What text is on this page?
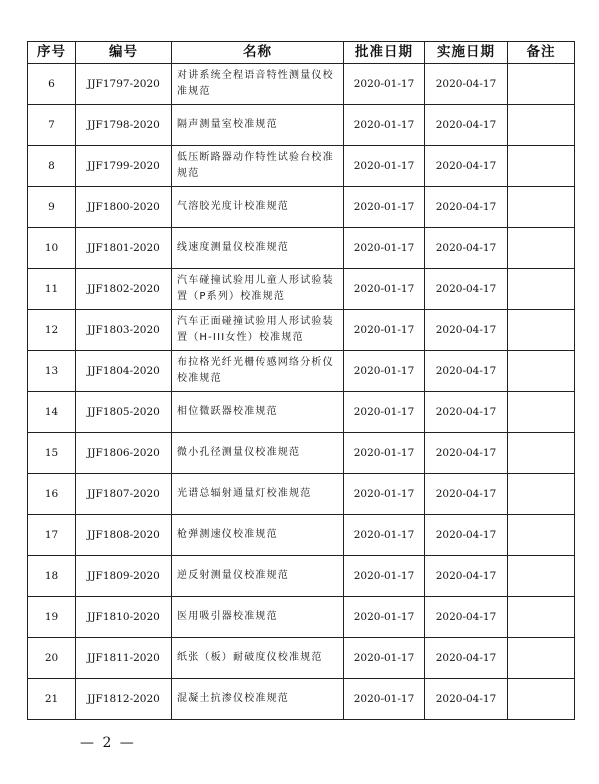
序号	编号	名称	批准日期	实施日期	备注
6	JJF1797-2020	对讲系统全程语音特性测量仪校准规范	2020-01-17	2020-04-17	
7	JJF1798-2020	隔声测量室校准规范	2020-01-17	2020-04-17	
8	JJF1799-2020	低压断路器动作特性试验台校准规范	2020-01-17	2020-04-17	
9	JJF1800-2020	气溶胶光度计校准规范	2020-01-17	2020-04-17	
10	JJF1801-2020	线速度测量仪校准规范	2020-01-17	2020-04-17	
11	JJF1802-2020	汽车碰撞试验用儿童人形试验装置（P系列）校准规范	2020-01-17	2020-04-17	
12	JJF1803-2020	汽车正面碰撞试验用人形试验装置（H-III女性）校准规范	2020-01-17	2020-04-17	
13	JJF1804-2020	布拉格光纤光栅传感网络分析仪校准规范	2020-01-17	2020-04-17	
14	JJF1805-2020	相位微跃器校准规范	2020-01-17	2020-04-17	
15	JJF1806-2020	微小孔径测量仪校准规范	2020-01-17	2020-04-17	
16	JJF1807-2020	光谱总辐射通量灯校准规范	2020-01-17	2020-04-17	
17	JJF1808-2020	枪弹测速仪校准规范	2020-01-17	2020-04-17	
18	JJF1809-2020	逆反射测量仪校准规范	2020-01-17	2020-04-17	
19	JJF1810-2020	医用吸引器校准规范	2020-01-17	2020-04-17	
20	JJF1811-2020	纸张（板）耐破度仪校准规范	2020-01-17	2020-04-17	
21	JJF1812-2020	混凝土抗渗仪校准规范	2020-01-17	2020-04-17	
— 2 —
